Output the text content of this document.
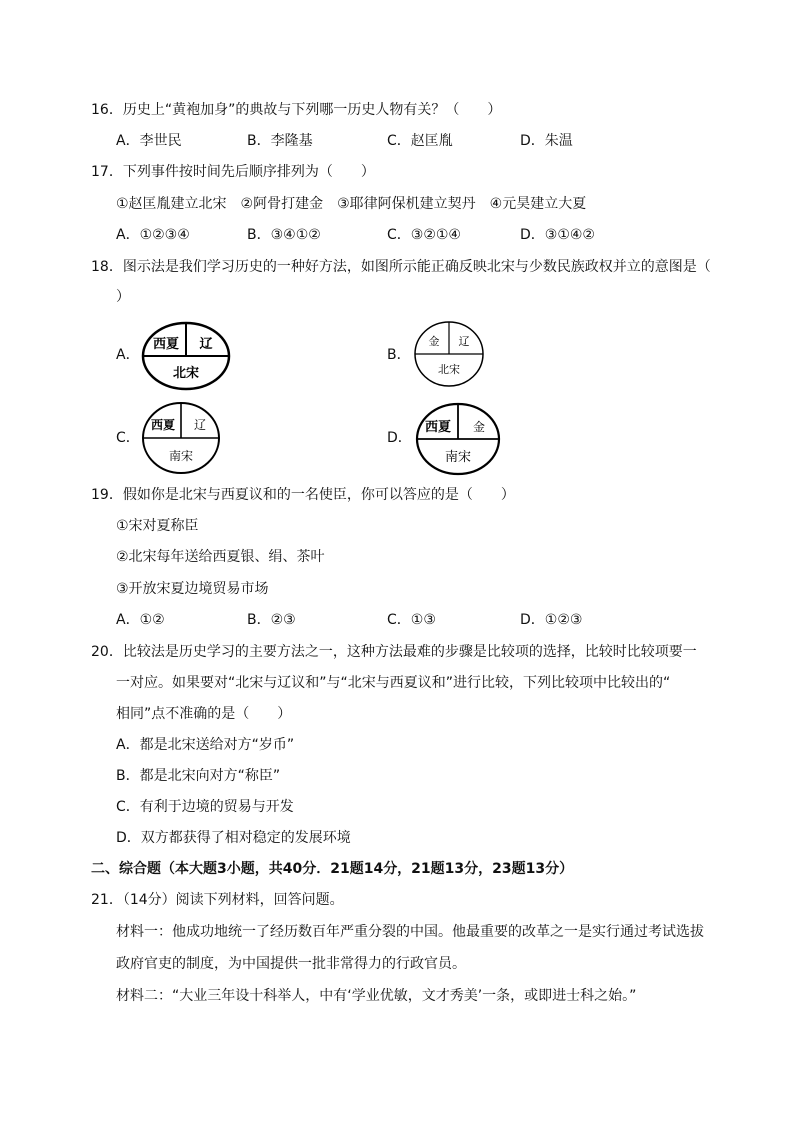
16．历史上“黄袍加身”的典故与下列哪一历史人物有关？（　　）
A．李世民	B．李隆基	C．赵匡胤	D．朱温
17．下列事件按时间先后顺序排列为（　　）
①赵匡胤建立北宋　②阿骨打建金　③耶律阿保机建立契丹　④元昊建立大夏
A．①②③④	B．③④①②	C．③②①④	D．③①④②
18．图示法是我们学习历史的一种好方法，如图所示能正确反映北宋与少数民族政权并立的意图是（
）
A．
西夏 辽
北宋
B．
金 辽
北宋
C．
西夏 辽
南宋
D．
西夏 金
南宋
19．假如你是北宋与西夏议和的一名使臣，你可以答应的是（　　）
①宋对夏称臣
②北宋每年送给西夏银、绢、茶叶
③开放宋夏边境贸易市场
A．①②	B．②③	C．①③	D．①②③
20．比较法是历史学习的主要方法之一，这种方法最难的步骤是比较项的选择，比较时比较项要一
一对应。如果要对“北宋与辽议和”与“北宋与西夏议和”进行比较，下列比较项中比较出的“
相同”点不准确的是（　　）
A．都是北宋送给对方“岁币”
B．都是北宋向对方“称臣”
C．有利于边境的贸易与开发
D．双方都获得了相对稳定的发展环境
二、综合题（本大题3小题，共40分．21题14分，21题13分，23题13分）
21．（14分）阅读下列材料，回答问题。
材料一：他成功地统一了经历数百年严重分裂的中国。他最重要的改革之一是实行通过考试选拔
政府官吏的制度，为中国提供一批非常得力的行政官员。
材料二：“大业三年设十科举人，中有‘学业优敏，文才秀美’一条，或即进士科之始。”
